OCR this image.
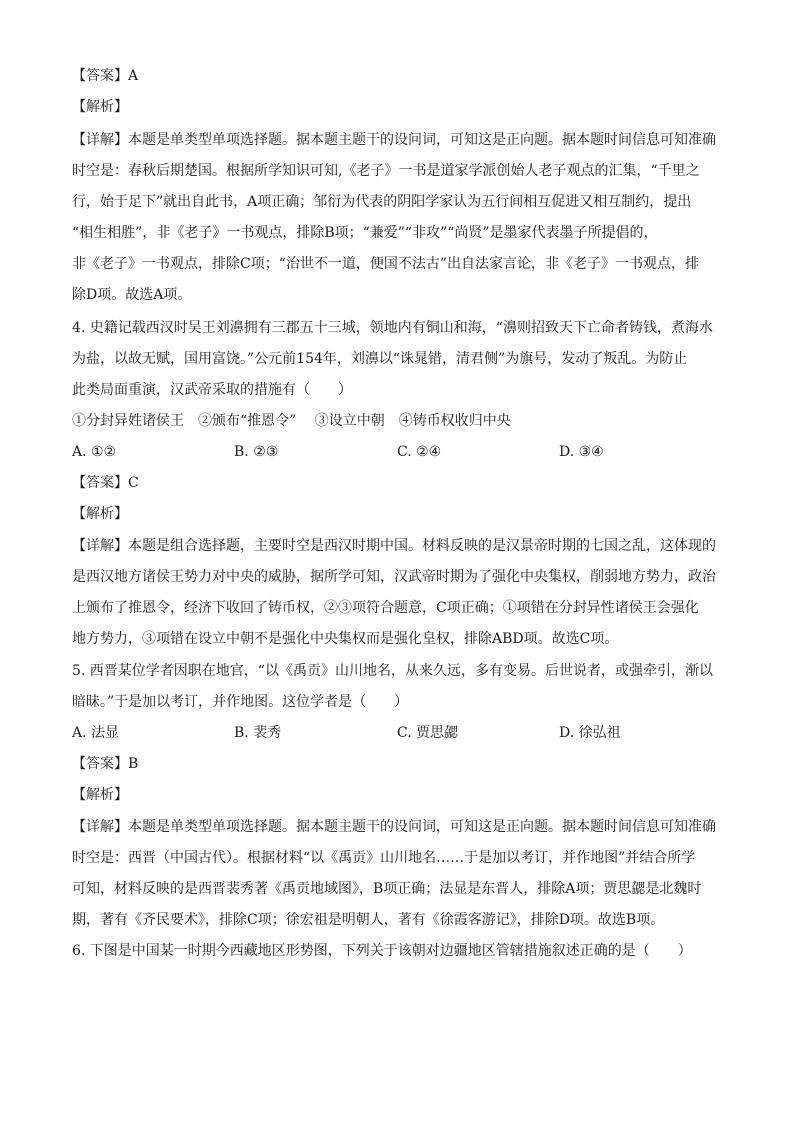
【答案】A
【解析】
【详解】本题是单类型单项选择题。据本题主题干的设问词，可知这是正向题。据本题时间信息可知准确
时空是：春秋后期楚国。根据所学知识可知,《老子》一书是道家学派创始人老子观点的汇集，“千里之
行，始于足下”就出自此书，A项正确；邹衍为代表的阴阳学家认为五行间相互促进又相互制约，提出
“相生相胜”，非《老子》一书观点，排除B项；“兼爱”“非攻”“尚贤”是墨家代表墨子所提倡的，
非《老子》一书观点，排除C项；“治世不一道，便国不法古”出自法家言论，非《老子》一书观点，排
除D项。故选A项。
4. 史籍记载西汉时吴王刘濞拥有三郡五十三城，领地内有铜山和海，“濞则招致天下亡命者铸钱，煮海水
为盐，以故无赋，国用富饶。”公元前154年，刘濞以“诛晁错，清君侧”为旗号，发动了叛乱。为防止
此类局面重演，汉武帝采取的措施有（　　）
①分封异姓诸侯王　②颁布“推恩令”　 ③设立中朝　④铸币权收归中央
A. ①②	B. ②③	C. ②④	D. ③④
【答案】C
【解析】
【详解】本题是组合选择题，主要时空是西汉时期中国。材料反映的是汉景帝时期的七国之乱，这体现的
是西汉地方诸侯王势力对中央的威胁，据所学可知，汉武帝时期为了强化中央集权，削弱地方势力，政治
上颁布了推恩令，经济下收回了铸币权，②③项符合题意，C项正确；①项错在分封异性诸侯王会强化
地方势力，③项错在设立中朝不是强化中央集权而是强化皇权，排除ABD项。故选C项。
5. 西晋某位学者因职在地官，“以《禹贡》山川地名，从来久远，多有变易。后世说者，或强牵引，渐以
暗昧。”于是加以考订，并作地图。这位学者是（　　）
A. 法显	B. 裴秀	C. 贾思勰	D. 徐弘祖
【答案】B
【解析】
【详解】本题是单类型单项选择题。据本题主题干的设问词，可知这是正向题。据本题时间信息可知准确
时空是：西晋（中国古代）。根据材料“以《禹贡》山川地名……于是加以考订，并作地图”并结合所学
可知，材料反映的是西晋裴秀著《禹贡地域图》，B项正确；法显是东晋人，排除A项；贾思勰是北魏时
期，著有《齐民要术》，排除C项；徐宏祖是明朝人，著有《徐霞客游记》，排除D项。故选B项。
6. 下图是中国某一时期今西藏地区形势图，下列关于该朝对边疆地区管辖措施叙述正确的是（　　）
